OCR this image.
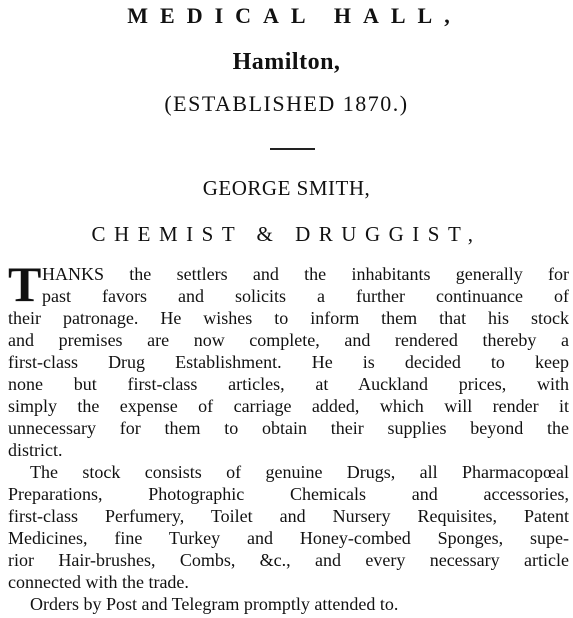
MEDICAL HALL,
Hamilton,
(ESTABLISHED 1870.)
GEORGE SMITH,
CHEMIST & DRUGGIST,
T HANKS the settlers and the inhabitants generally for
past favors and solicits a further continuance of
their patronage. He wishes to inform them that his stock
and premises are now complete, and rendered thereby a
first-class Drug Establishment. He is decided to keep
none but first-class articles, at Auckland prices, with
simply the expense of carriage added, which will render it
unnecessary for them to obtain their supplies beyond the
district.
The stock consists of genuine Drugs, all Pharmacopœal
Preparations, Photographic Chemicals and accessories,
first-class Perfumery, Toilet and Nursery Requisites, Patent
Medicines, fine Turkey and Honey-combed Sponges, supe-
rior Hair-brushes, Combs, &c., and every necessary article
connected with the trade.
Orders by Post and Telegram promptly attended to.
